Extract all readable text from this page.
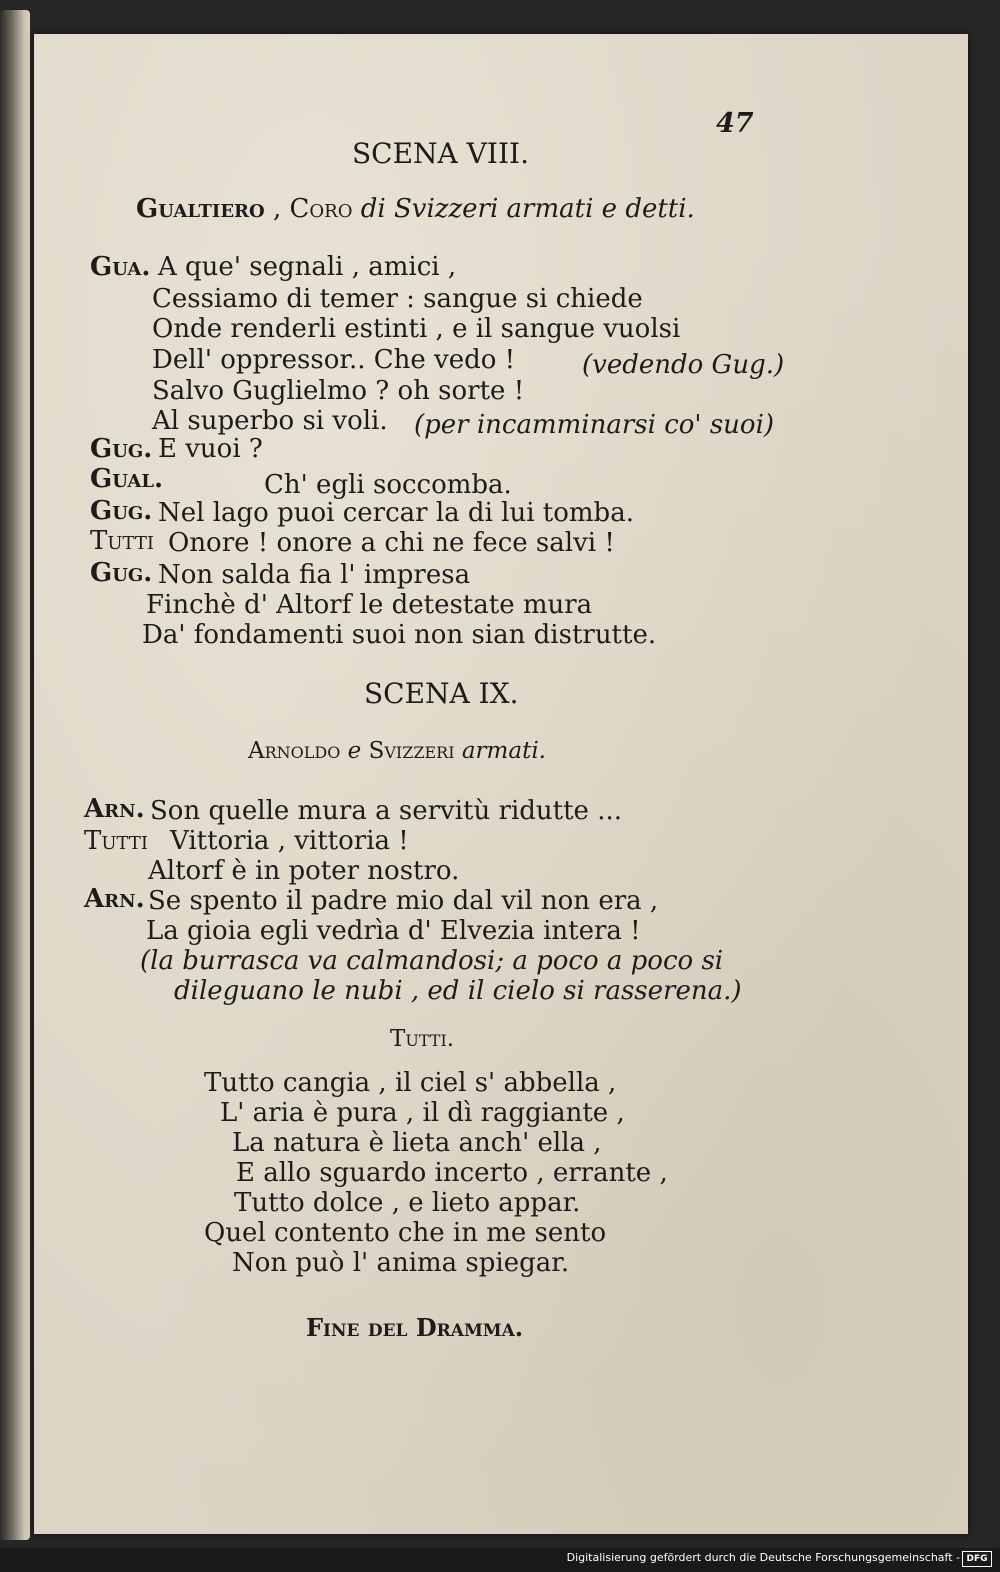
47
SCENA VIII.
Gualtiero , Coro di Svizzeri armati e detti.
Gua. A que' segnali , amici ,
Cessiamo di temer : sangue si chiede
Onde renderli estinti , e il sangue vuolsi
Dell' oppressor.. Che vedo !	(vedendo Gug.)
Salvo Guglielmo ? oh sorte !
Al superbo si voli. (per incamminarsi co' suoi)
Gug. E vuoi ?
Gual.	Ch' egli soccomba.
Gug. Nel lago puoi cercar la di lui tomba.
Tutti Onore ! onore a chi ne fece salvi !
Gug. Non salda fia l' impresa
Finchè d' Altorf le detestate mura
Da' fondamenti suoi non sian distrutte.
SCENA IX.
Arnoldo e Svizzeri armati.
Arn. Son quelle mura a servitù ridutte ...
Tutti Vittoria , vittoria !
Altorf è in poter nostro.
Arn. Se spento il padre mio dal vil non era ,
La gioia egli vedrìa d' Elvezia intera !
(la burrasca va calmandosi; a poco a poco si
dileguano le nubi , ed il cielo si rasserena.)
Tutti.
Tutto cangia , il ciel s' abbella ,
L' aria è pura , il dì raggiante ,
La natura è lieta anch' ella ,
E allo sguardo incerto , errante ,
Tutto dolce , e lieto appar.
Quel contento che in me sento
Non può l' anima spiegar.
Fine del Dramma.
Digitalisierung gefördert durch die Deutsche Forschungsgemeinschaft - DFG
